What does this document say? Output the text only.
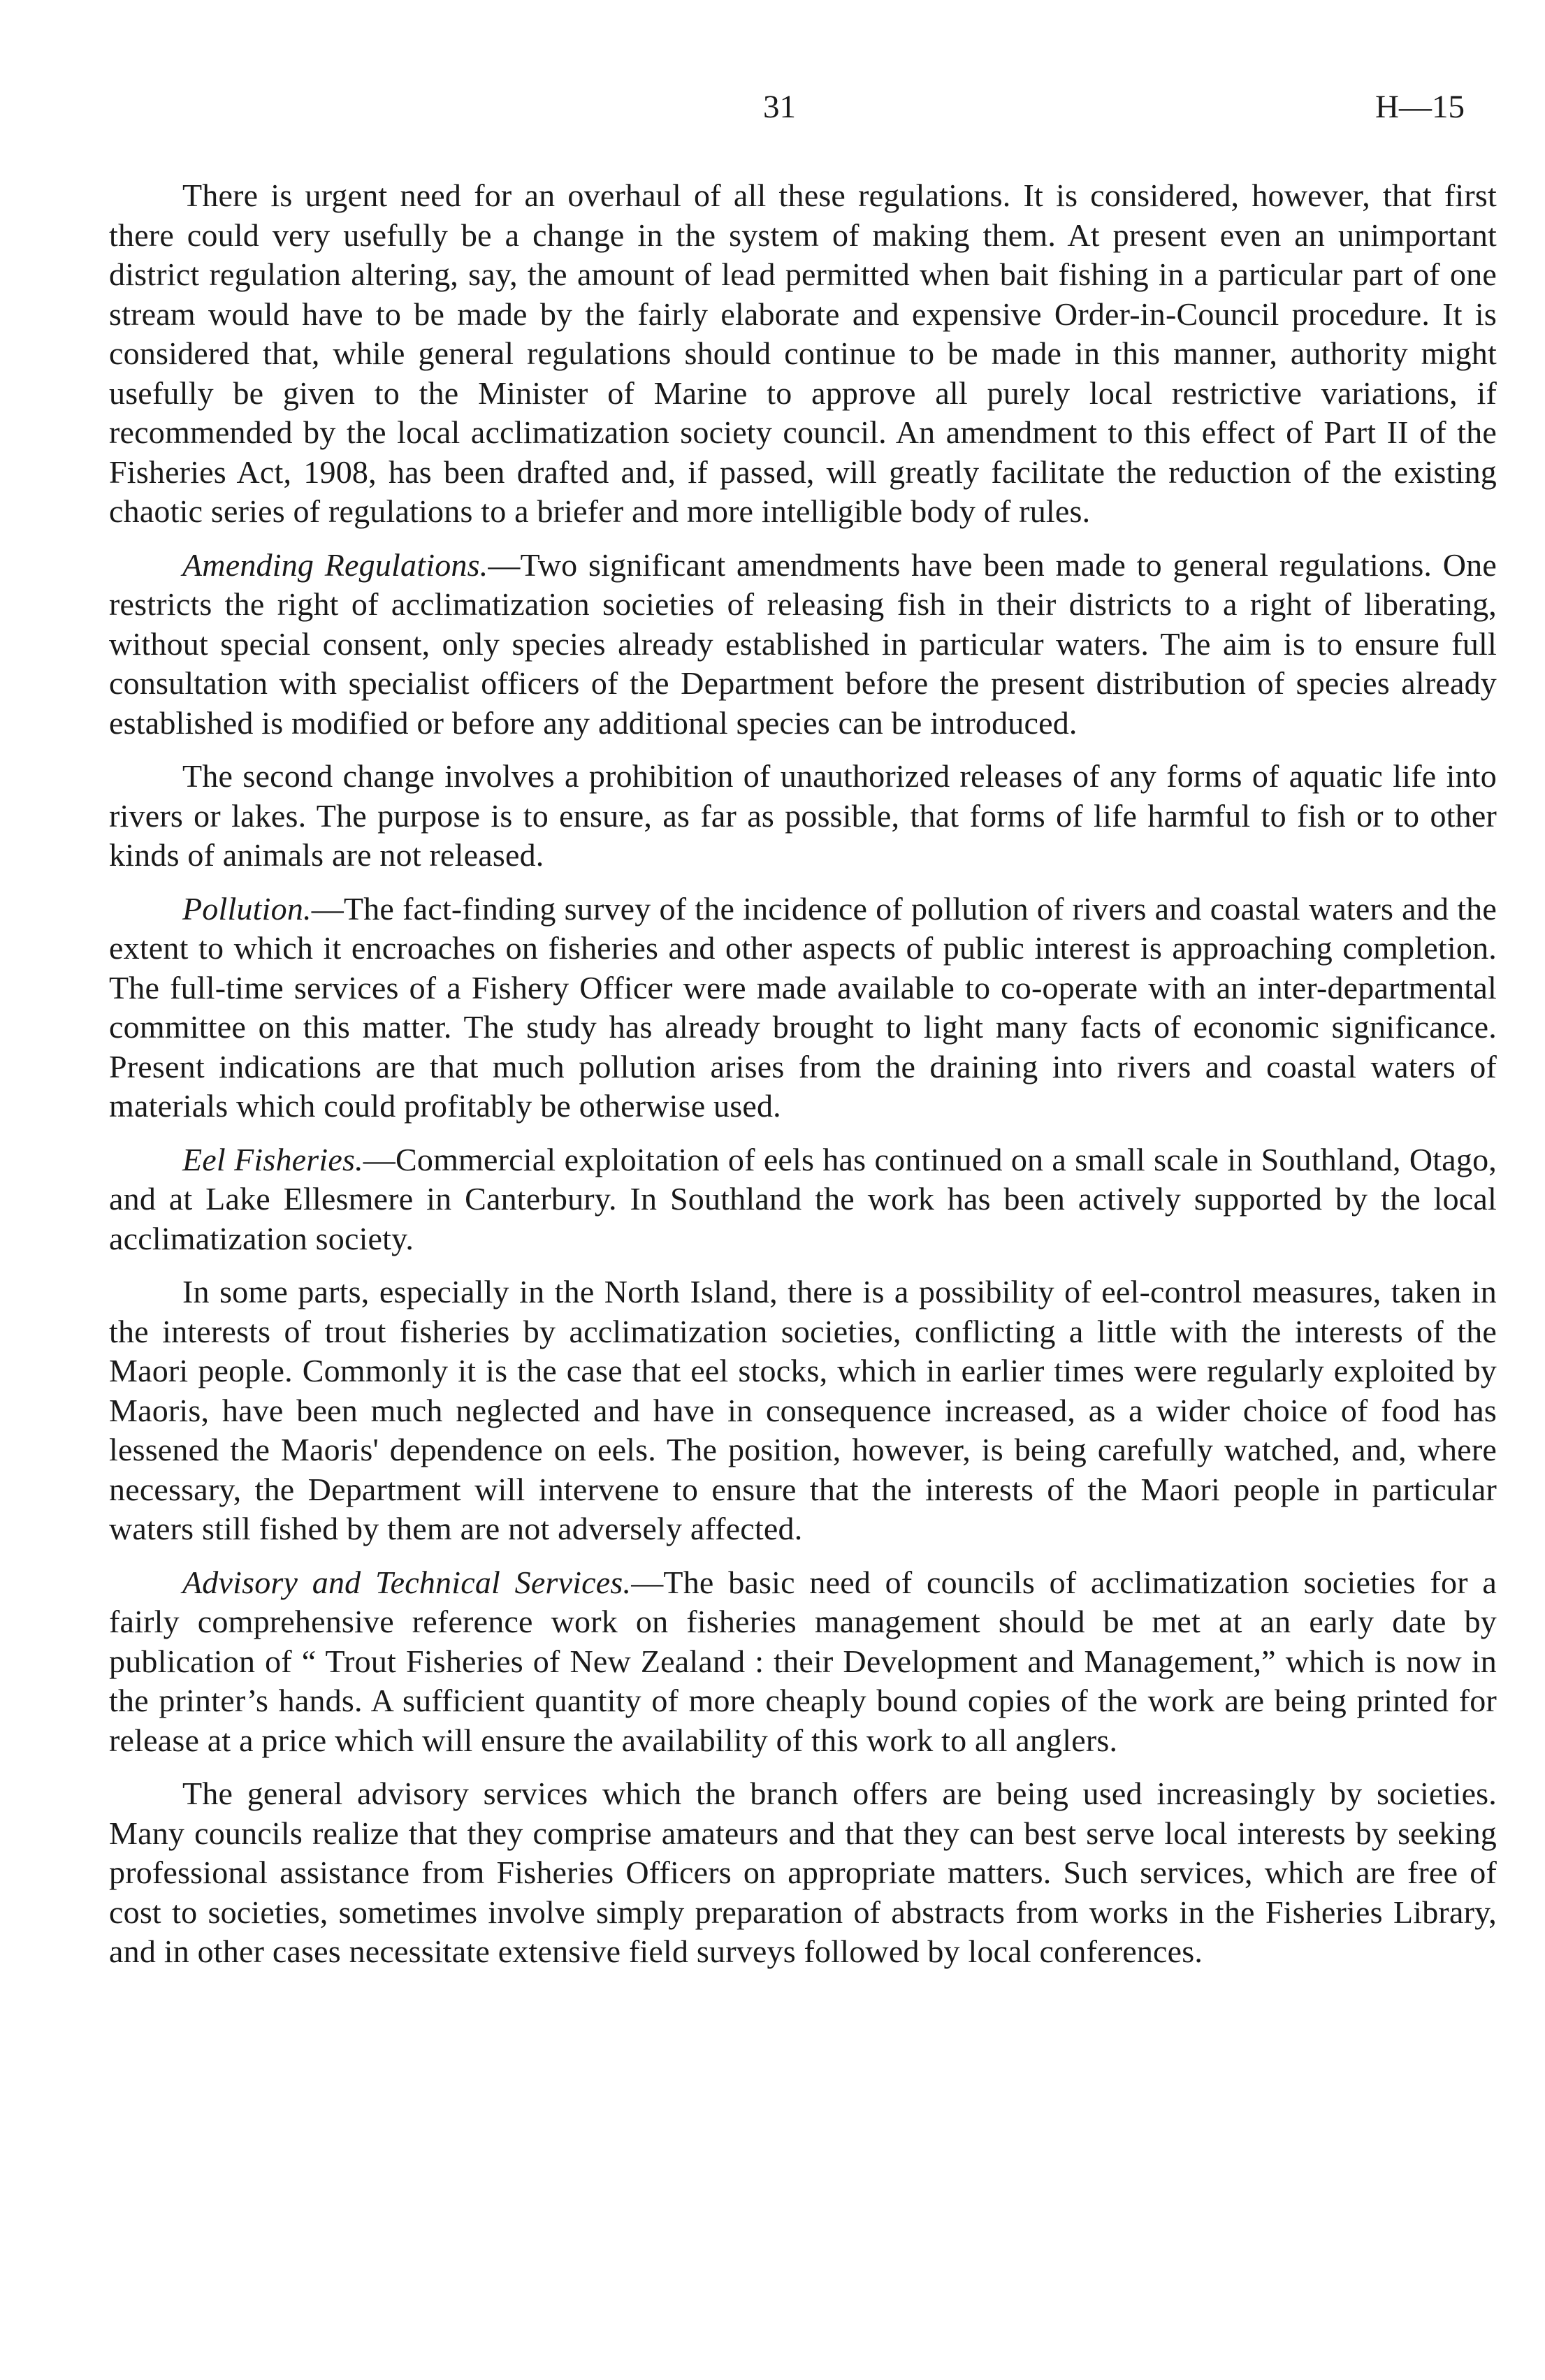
31	H—15

There is urgent need for an overhaul of all these regulations. It is considered, however, that first there could very usefully be a change in the system of making them. At present even an unimportant district regulation altering, say, the amount of lead permitted when bait fishing in a particular part of one stream would have to be made by the fairly elaborate and expensive Order-in-Council procedure. It is considered that, while general regulations should continue to be made in this manner, authority might usefully be given to the Minister of Marine to approve all purely local restrictive variations, if recommended by the local acclimatization society council. An amendment to this effect of Part II of the Fisheries Act, 1908, has been drafted and, if passed, will greatly facilitate the reduction of the existing chaotic series of regulations to a briefer and more intelligible body of rules.

Amending Regulations.—Two significant amendments have been made to general regulations. One restricts the right of acclimatization societies of releasing fish in their districts to a right of liberating, without special consent, only species already established in particular waters. The aim is to ensure full consultation with specialist officers of the Department before the present distribution of species already established is modified or before any additional species can be introduced.

The second change involves a prohibition of unauthorized releases of any forms of aquatic life into rivers or lakes. The purpose is to ensure, as far as possible, that forms of life harmful to fish or to other kinds of animals are not released.

Pollution.—The fact-finding survey of the incidence of pollution of rivers and coastal waters and the extent to which it encroaches on fisheries and other aspects of public interest is approaching completion. The full-time services of a Fishery Officer were made available to co-operate with an inter-departmental committee on this matter. The study has already brought to light many facts of economic significance. Present indications are that much pollution arises from the draining into rivers and coastal waters of materials which could profitably be otherwise used.

Eel Fisheries.—Commercial exploitation of eels has continued on a small scale in Southland, Otago, and at Lake Ellesmere in Canterbury. In Southland the work has been actively supported by the local acclimatization society.

In some parts, especially in the North Island, there is a possibility of eel-control measures, taken in the interests of trout fisheries by acclimatization societies, conflicting a little with the interests of the Maori people. Commonly it is the case that eel stocks, which in earlier times were regularly exploited by Maoris, have been much neglected and have in consequence increased, as a wider choice of food has lessened the Maoris' dependence on eels. The position, however, is being carefully watched, and, where necessary, the Department will intervene to ensure that the interests of the Maori people in particular waters still fished by them are not adversely affected.

Advisory and Technical Services.—The basic need of councils of acclimatization societies for a fairly comprehensive reference work on fisheries management should be met at an early date by publication of “ Trout Fisheries of New Zealand : their Development and Management,” which is now in the printer’s hands. A sufficient quantity of more cheaply bound copies of the work are being printed for release at a price which will ensure the availability of this work to all anglers.

The general advisory services which the branch offers are being used increasingly by societies. Many councils realize that they comprise amateurs and that they can best serve local interests by seeking professional assistance from Fisheries Officers on appropriate matters. Such services, which are free of cost to societies, sometimes involve simply preparation of abstracts from works in the Fisheries Library, and in other cases necessitate extensive field surveys followed by local conferences.
